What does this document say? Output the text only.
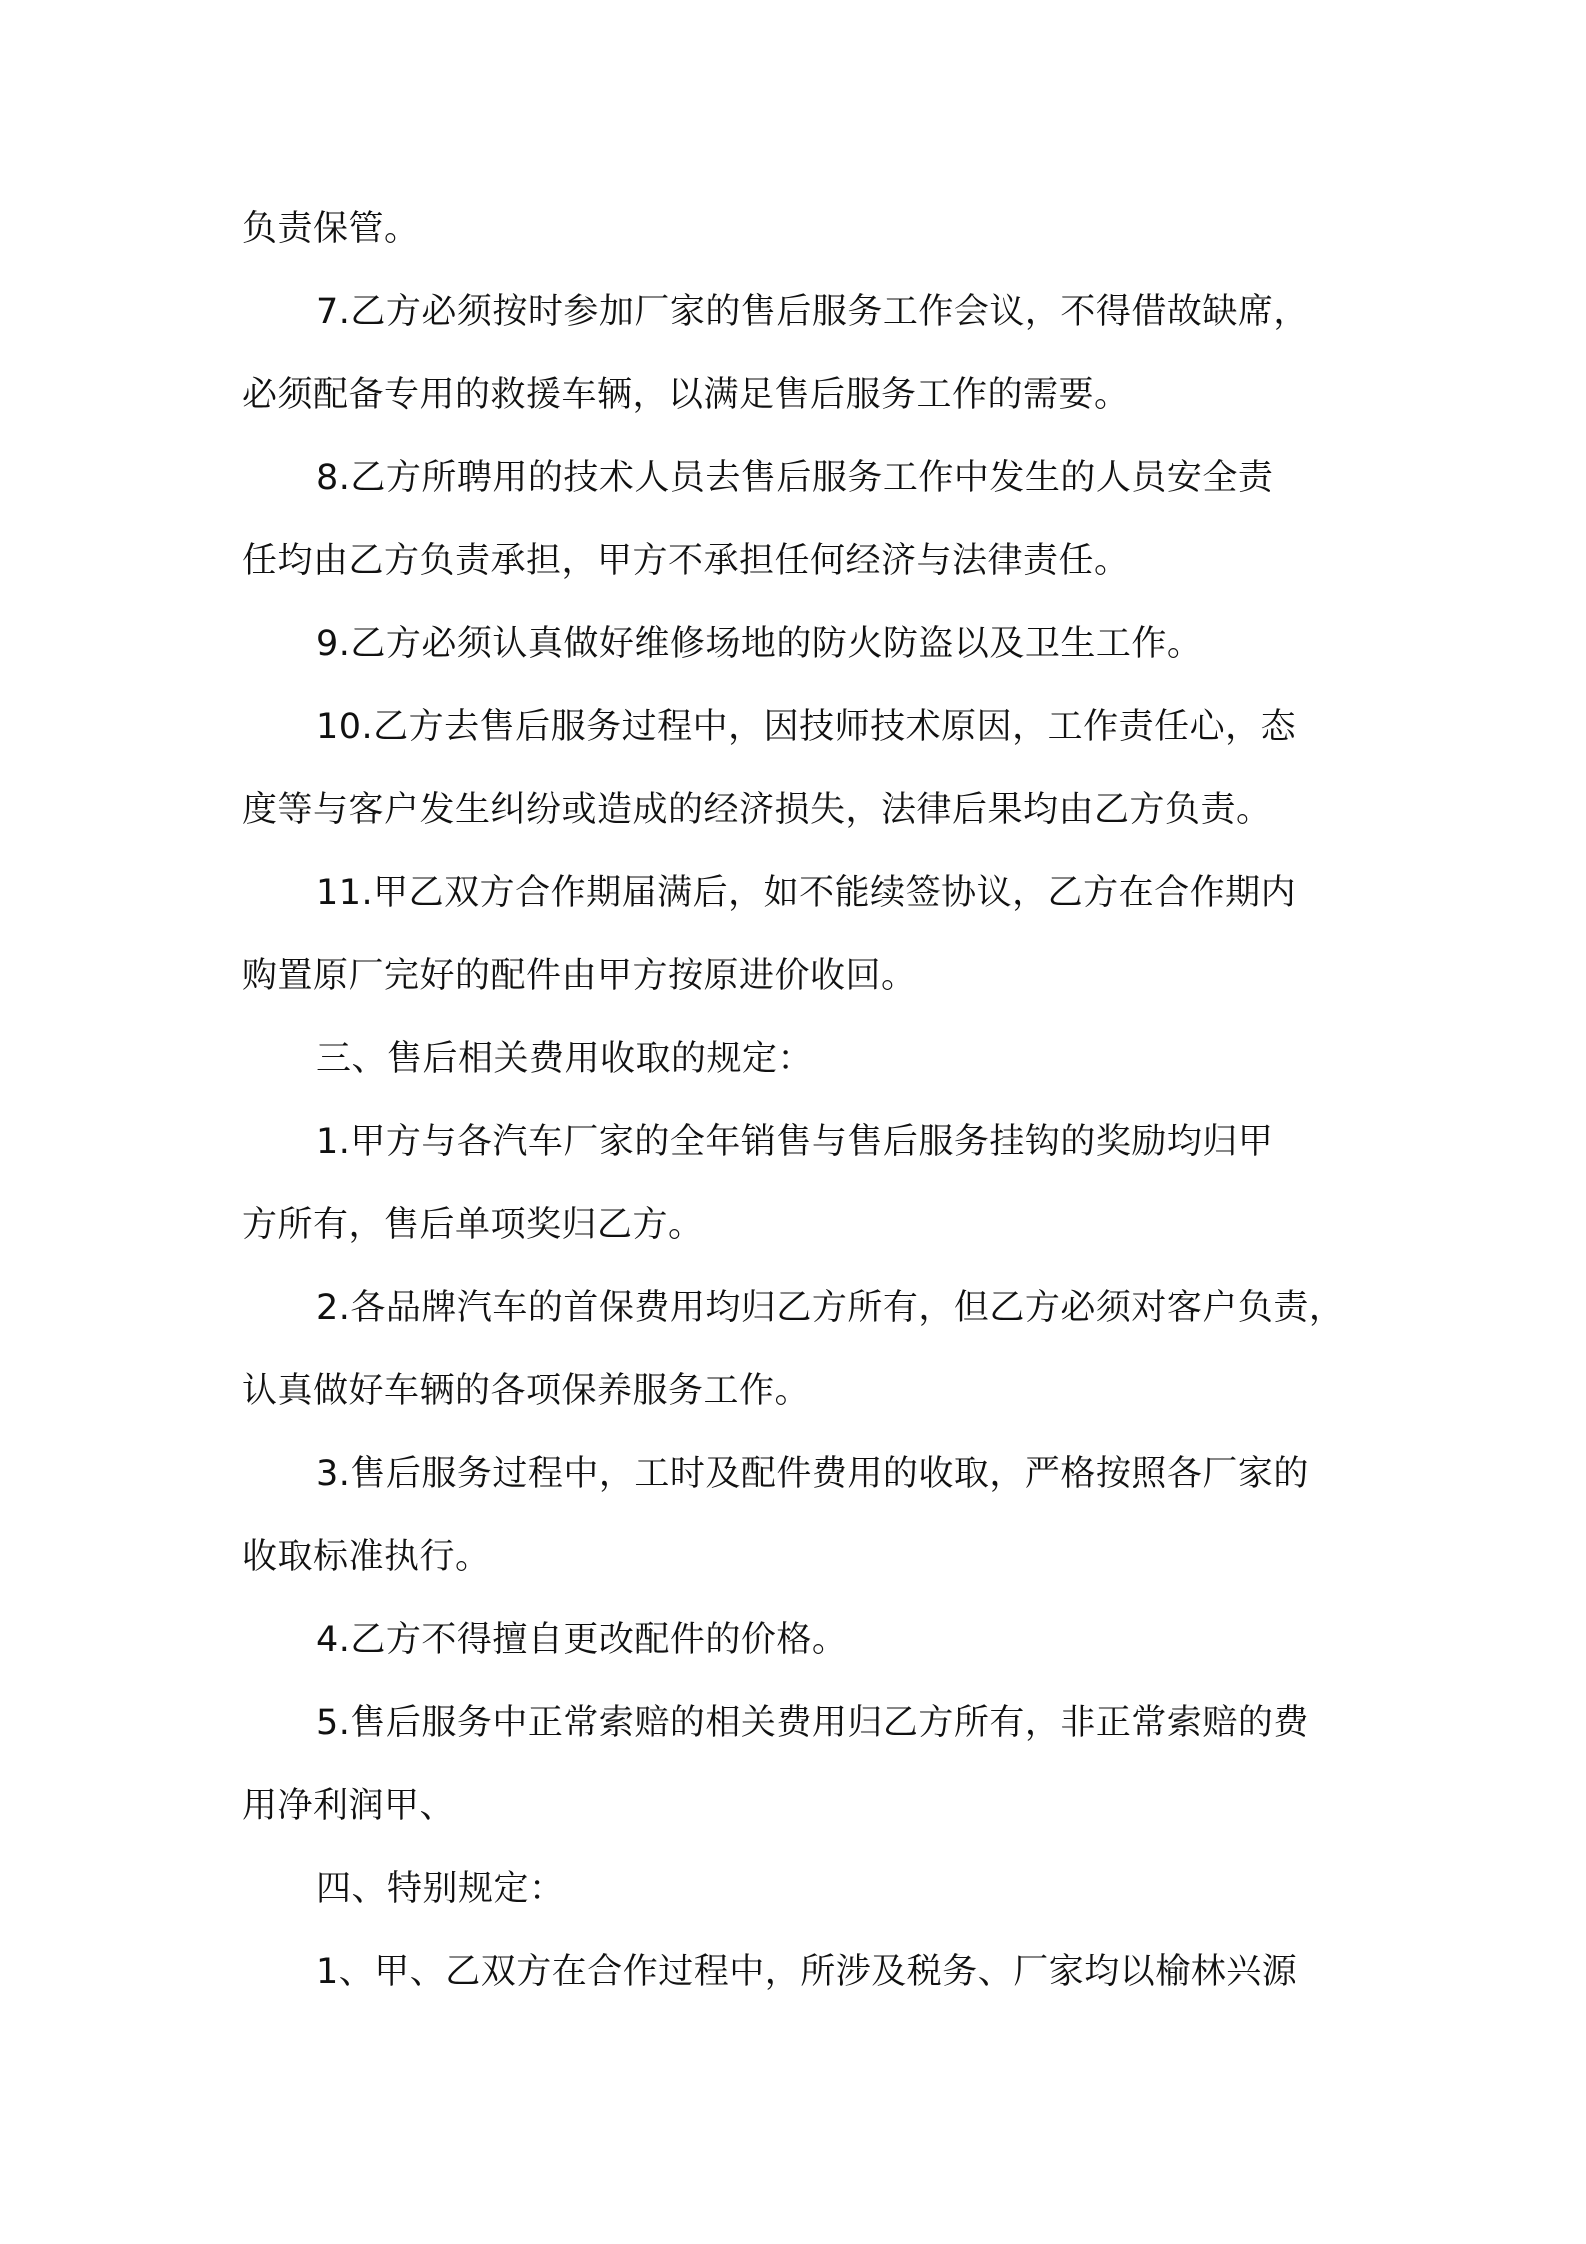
负责保管。
7.乙方必须按时参加厂家的售后服务工作会议，不得借故缺席，
必须配备专用的救援车辆，以满足售后服务工作的需要。
8.乙方所聘用的技术人员去售后服务工作中发生的人员安全责
任均由乙方负责承担，甲方不承担任何经济与法律责任。
9.乙方必须认真做好维修场地的防火防盗以及卫生工作。
10.乙方去售后服务过程中，因技师技术原因，工作责任心，态
度等与客户发生纠纷或造成的经济损失，法律后果均由乙方负责。
11.甲乙双方合作期届满后，如不能续签协议，乙方在合作期内
购置原厂完好的配件由甲方按原进价收回。
三、售后相关费用收取的规定：
1.甲方与各汽车厂家的全年销售与售后服务挂钩的奖励均归甲
方所有，售后单项奖归乙方。
2.各品牌汽车的首保费用均归乙方所有，但乙方必须对客户负责，
认真做好车辆的各项保养服务工作。
3.售后服务过程中，工时及配件费用的收取，严格按照各厂家的
收取标准执行。
4.乙方不得擅自更改配件的价格。
5.售后服务中正常索赔的相关费用归乙方所有，非正常索赔的费
用净利润甲、
四、特别规定：
1、甲、乙双方在合作过程中，所涉及税务、厂家均以榆林兴源
